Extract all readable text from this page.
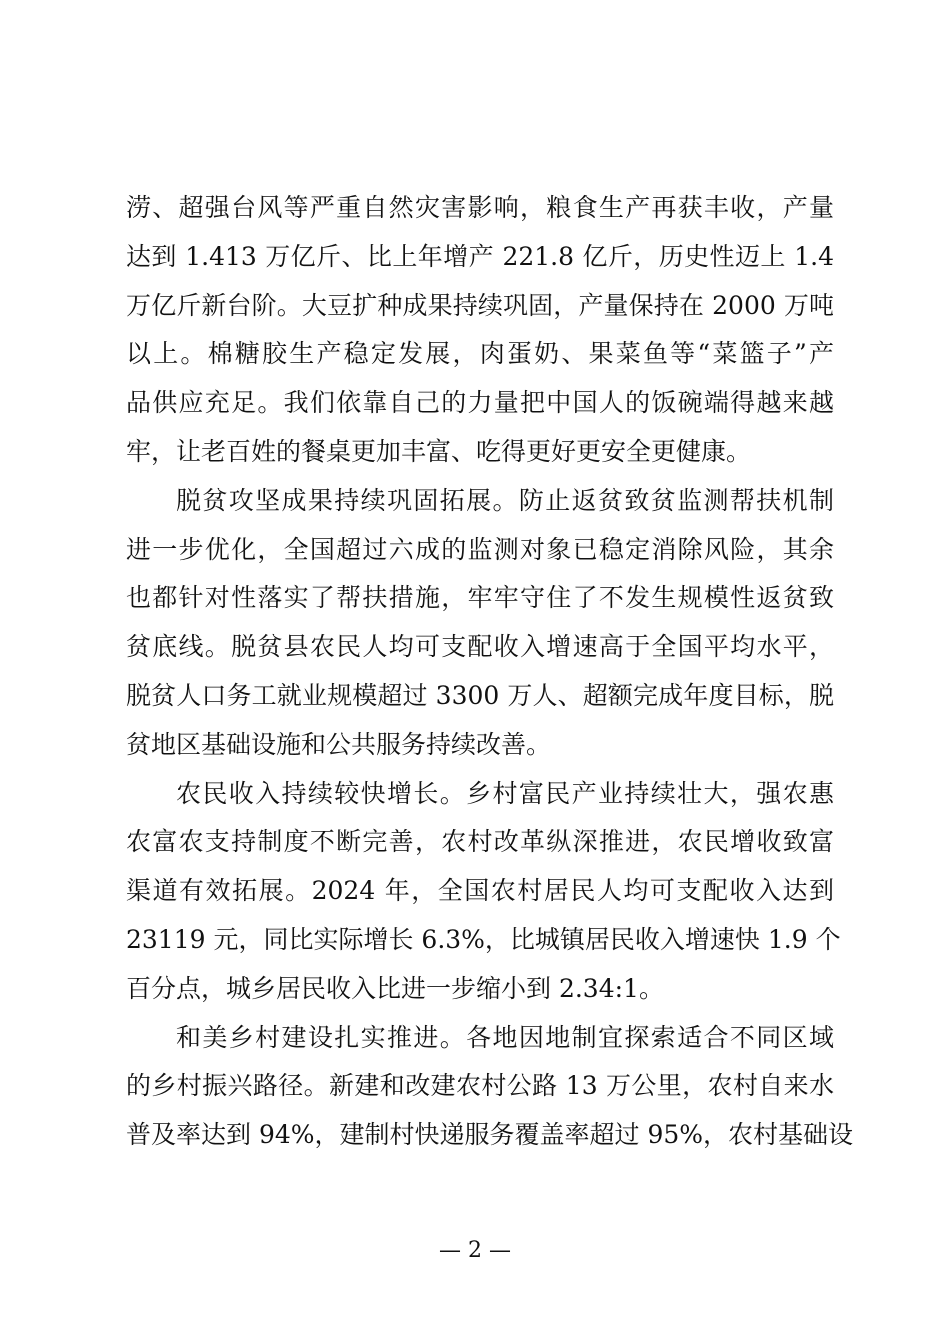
涝、超强台风等严重自然灾害影响，粮食生产再获丰收，产量
达到 1.413 万亿斤、比上年增产 221.8 亿斤，历史性迈上 1.4
万亿斤新台阶。大豆扩种成果持续巩固，产量保持在 2000 万吨
以上。棉糖胶生产稳定发展，肉蛋奶、果菜鱼等“菜篮子”产
品供应充足。我们依靠自己的力量把中国人的饭碗端得越来越
牢，让老百姓的餐桌更加丰富、吃得更好更安全更健康。
脱贫攻坚成果持续巩固拓展。防止返贫致贫监测帮扶机制
进一步优化，全国超过六成的监测对象已稳定消除风险，其余
也都针对性落实了帮扶措施，牢牢守住了不发生规模性返贫致
贫底线。脱贫县农民人均可支配收入增速高于全国平均水平，
脱贫人口务工就业规模超过 3300 万人、超额完成年度目标，脱
贫地区基础设施和公共服务持续改善。
农民收入持续较快增长。乡村富民产业持续壮大，强农惠
农富农支持制度不断完善，农村改革纵深推进，农民增收致富
渠道有效拓展。2024 年，全国农村居民人均可支配收入达到
23119 元，同比实际增长 6.3%，比城镇居民收入增速快 1.9 个
百分点，城乡居民收入比进一步缩小到 2.34:1。
和美乡村建设扎实推进。各地因地制宜探索适合不同区域
的乡村振兴路径。新建和改建农村公路 13 万公里，农村自来水
普及率达到 94%，建制村快递服务覆盖率超过 95%，农村基础设
— 2 —
